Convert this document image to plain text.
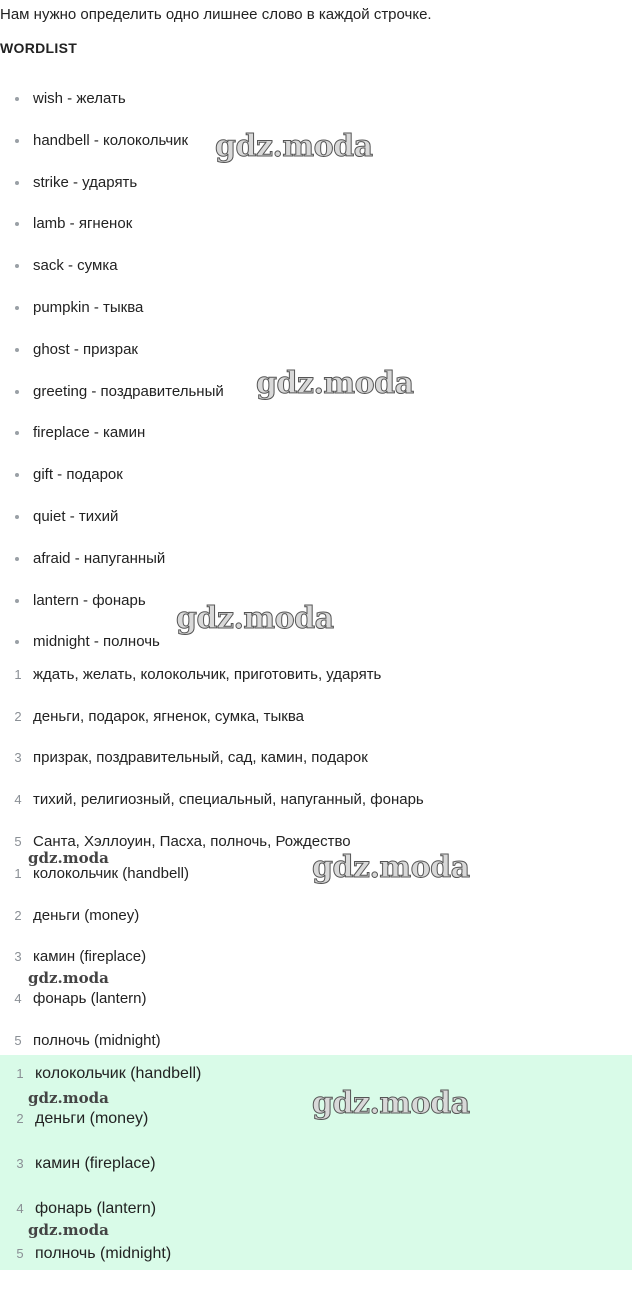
Нам нужно определить одно лишнее слово в каждой строчке.
WORDLIST
wish - желать
handbell - колокольчик
strike - ударять
lamb - ягненок
sack - сумка
pumpkin - тыква
ghost - призрак
greeting - поздравительный
fireplace - камин
gift - подарок
quiet - тихий
afraid - напуганный
lantern - фонарь
midnight - полночь
1 ждать, желать, колокольчик, приготовить, ударять
2 деньги, подарок, ягненок, сумка, тыква
3 призрак, поздравительный, сад, камин, подарок
4 тихий, религиозный, специальный, напуганный, фонарь
5 Санта, Хэллоуин, Пасха, полночь, Рождество
1 колокольчик (handbell)
2 деньги (money)
3 камин (fireplace)
4 фонарь (lantern)
5 полночь (midnight)
1 колокольчик (handbell)
2 деньги (money)
3 камин (fireplace)
4 фонарь (lantern)
5 полночь (midnight)
gdz.moda
gdz.moda
gdz.moda
gdz.moda
gdz.moda
gdz.moda
gdz.moda
gdz.moda
gdz.moda
